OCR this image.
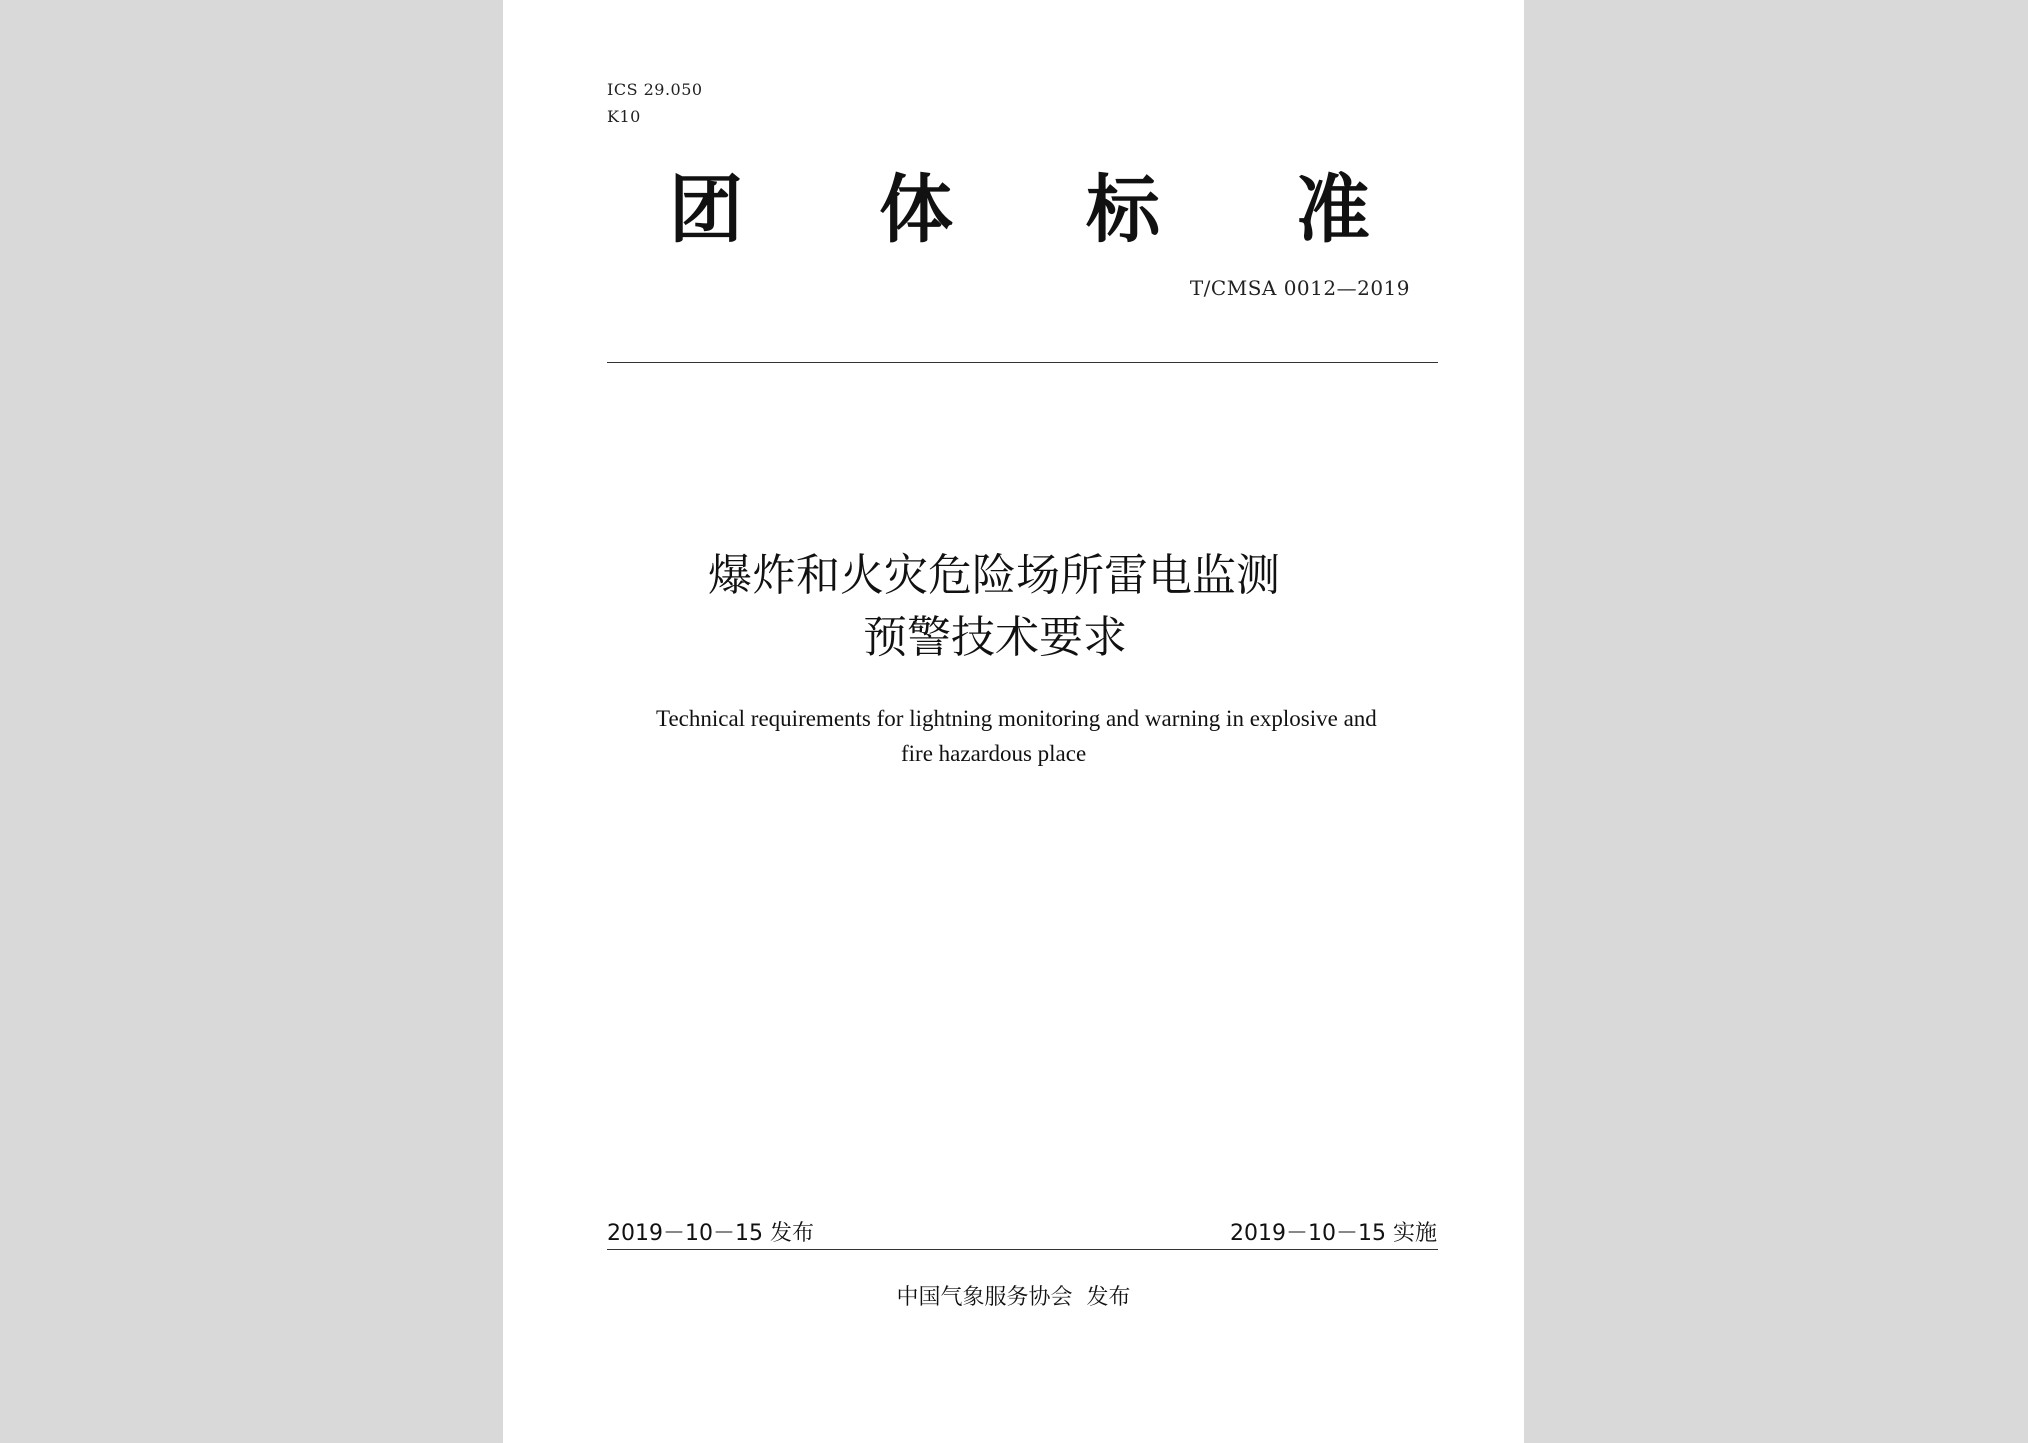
ICS 29.050
K10
团 体 标 准
T/CMSA 0012—2019
爆炸和火灾危险场所雷电监测
预警技术要求
Technical requirements for lightning monitoring and warning in explosive and
fire hazardous place
2019－10－15 发布	2019－10－15 实施
中国气象服务协会  发布
